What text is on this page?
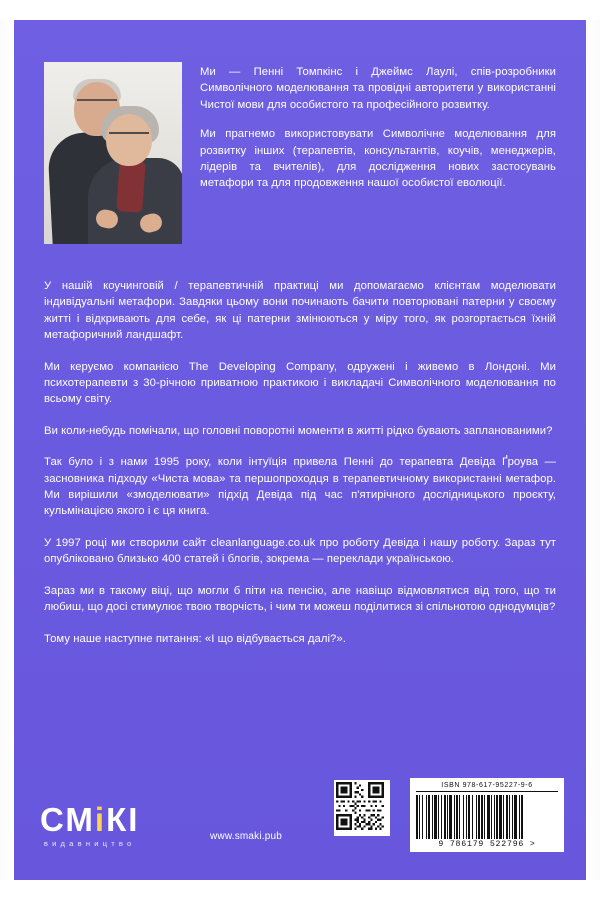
Ми — Пенні Томпкінс і Джеймс Лаулі, спів-розробники Символічного моделювання та провідні авторитети у використанні Чистої мови для особистого та професійного розвитку.

Ми прагнемо використовувати Символічне моделювання для розвитку інших (терапевтів, консультантів, коучів, менеджерів, лідерів та вчителів), для дослідження нових застосувань метафори та для продовження нашої особистої еволюції.

У нашій коучинговій / терапевтичній практиці ми допомагаємо клієнтам моделювати індивідуальні метафори. Завдяки цьому вони починають бачити повторювані патерни у своєму житті і відкривають для себе, як ці патерни змінюються у міру того, як розгортається їхній метафоричний ландшафт.

Ми керуємо компанією The Developing Company, одружені і живемо в Лондоні. Ми психотерапевти з 30-річною приватною практикою і викладачі Символічного моделювання по всьому світу.

Ви коли-небудь помічали, що головні поворотні моменти в житті рідко бувають запланованими?

Так було і з нами 1995 року, коли інтуїція привела Пенні до терапевта Девіда Ґроува — засновника підходу «Чиста мова» та першопроходця в терапевтичному використанні метафор. Ми вирішили «змоделювати» підхід Девіда під час п'ятирічного дослідницького проєкту, кульмінацією якого і є ця книга.

У 1997 році ми створили сайт cleanlanguage.co.uk про роботу Девіда і нашу роботу. Зараз тут опубліковано близько 400 статей і блогів, зокрема — переклади українською.

Зараз ми в такому віці, що могли б піти на пенсію, але навіщо відмовлятися від того, що ти любиш, що досі стимулює твою творчість, і чим ти можеш поділитися зі спільнотою однодумців?

Тому наше наступне питання: «І що відбувається далі?».

СМіКІ
видавництво
www.smaki.pub
ISBN 978-617-95227-9-6
9 786179 522796 >
